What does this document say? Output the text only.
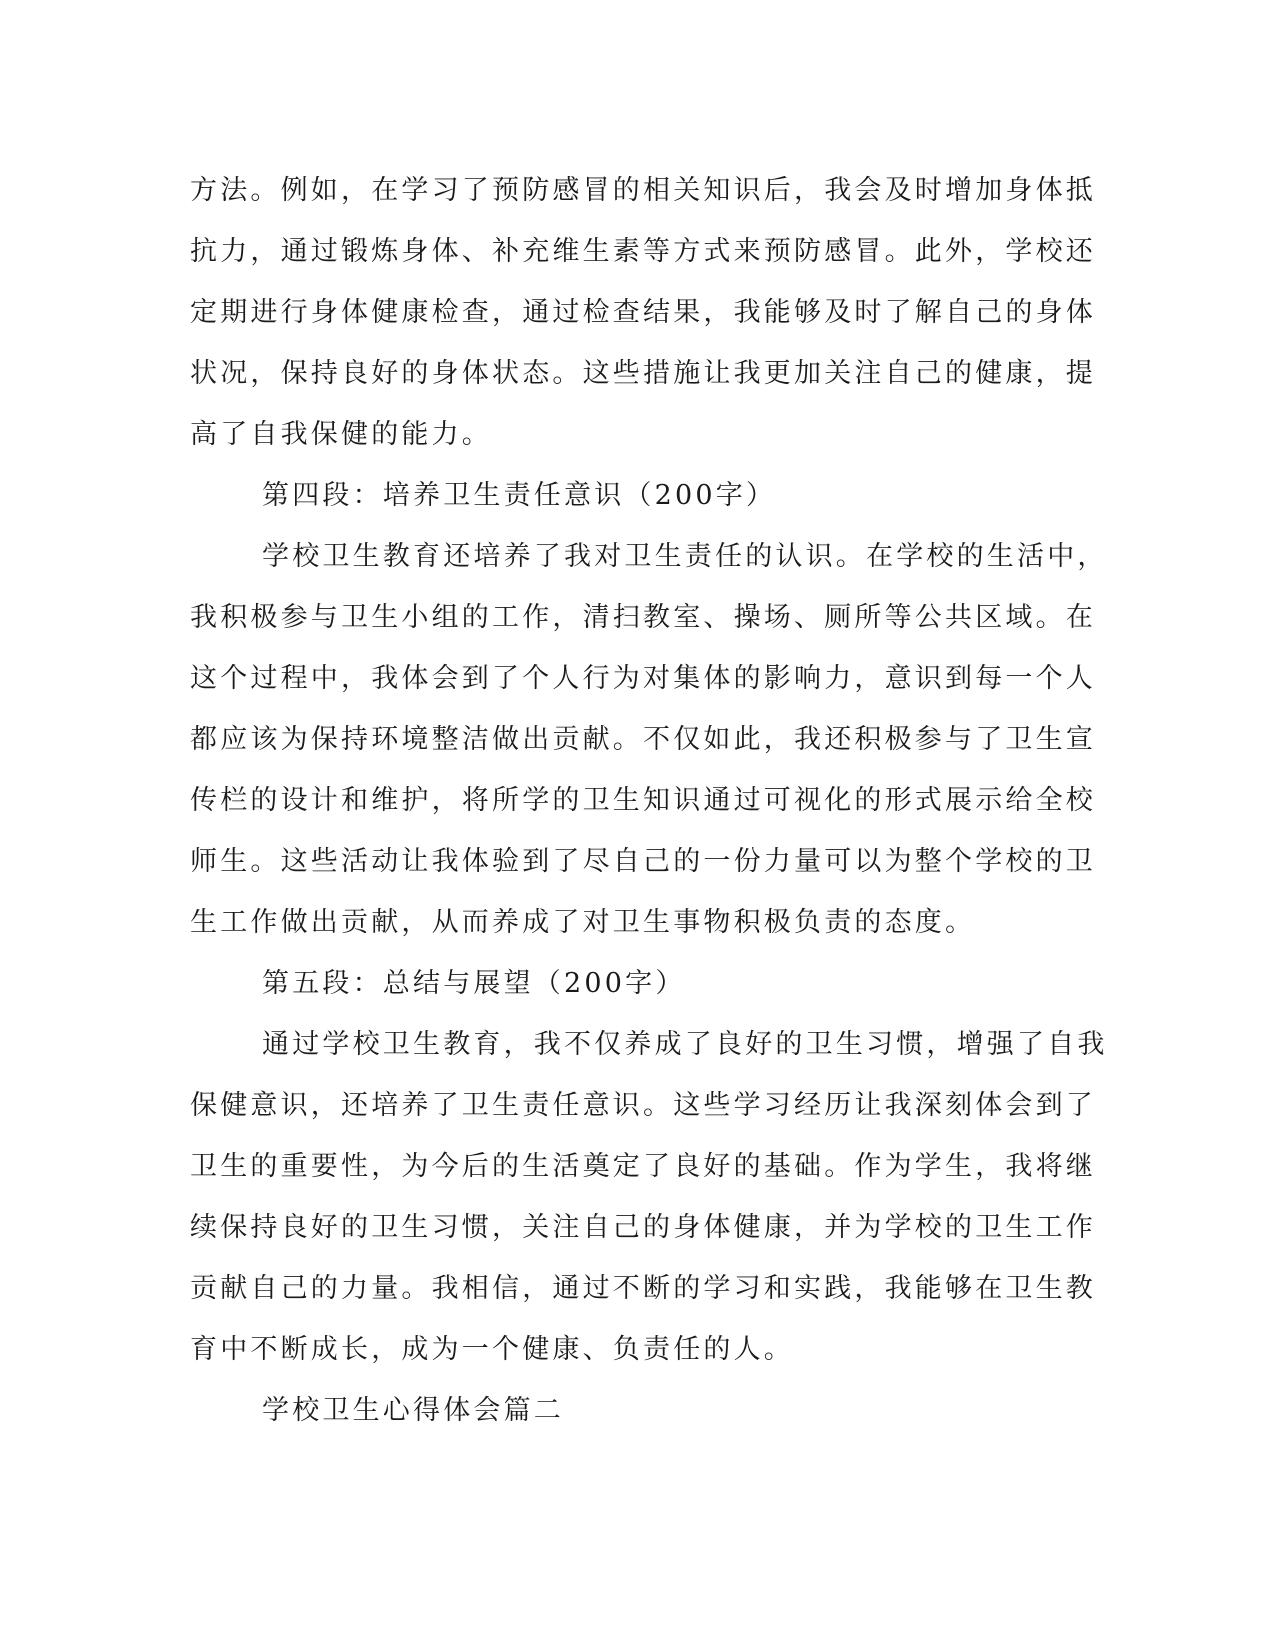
方法。例如，在学习了预防感冒的相关知识后，我会及时增加身体抵
抗力，通过锻炼身体、补充维生素等方式来预防感冒。此外，学校还
定期进行身体健康检查，通过检查结果，我能够及时了解自己的身体
状况，保持良好的身体状态。这些措施让我更加关注自己的健康，提
高了自我保健的能力。
第四段：培养卫生责任意识（200字）
学校卫生教育还培养了我对卫生责任的认识。在学校的生活中，
我积极参与卫生小组的工作，清扫教室、操场、厕所等公共区域。在
这个过程中，我体会到了个人行为对集体的影响力，意识到每一个人
都应该为保持环境整洁做出贡献。不仅如此，我还积极参与了卫生宣
传栏的设计和维护，将所学的卫生知识通过可视化的形式展示给全校
师生。这些活动让我体验到了尽自己的一份力量可以为整个学校的卫
生工作做出贡献，从而养成了对卫生事物积极负责的态度。
第五段：总结与展望（200字）
通过学校卫生教育，我不仅养成了良好的卫生习惯，增强了自我
保健意识，还培养了卫生责任意识。这些学习经历让我深刻体会到了
卫生的重要性，为今后的生活奠定了良好的基础。作为学生，我将继
续保持良好的卫生习惯，关注自己的身体健康，并为学校的卫生工作
贡献自己的力量。我相信，通过不断的学习和实践，我能够在卫生教
育中不断成长，成为一个健康、负责任的人。
学校卫生心得体会篇二
